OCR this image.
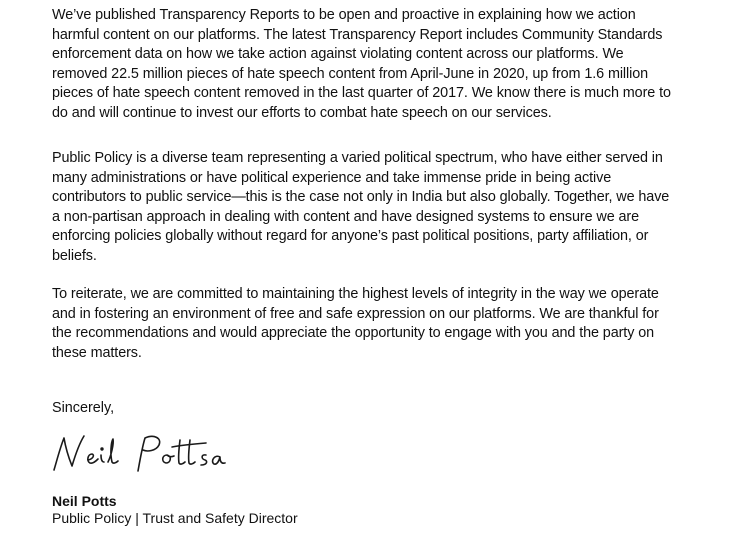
We’ve published Transparency Reports to be open and proactive in explaining how we action
harmful content on our platforms. The latest Transparency Report includes Community Standards
enforcement data on how we take action against violating content across our platforms. We
removed 22.5 million pieces of hate speech content from April-June in 2020, up from 1.6 million
pieces of hate speech content removed in the last quarter of 2017. We know there is much more to
do and will continue to invest our efforts to combat hate speech on our services.

Public Policy is a diverse team representing a varied political spectrum, who have either served in
many administrations or have political experience and take immense pride in being active
contributors to public service—this is the case not only in India but also globally. Together, we have
a non-partisan approach in dealing with content and have designed systems to ensure we are
enforcing policies globally without regard for anyone’s past political positions, party affiliation, or
beliefs.

To reiterate, we are committed to maintaining the highest levels of integrity in the way we operate
and in fostering an environment of free and safe expression on our platforms. We are thankful for
the recommendations and would appreciate the opportunity to engage with you and the party on
these matters.

Sincerely,

Neil Potts

Public Policy | Trust and Safety Director
